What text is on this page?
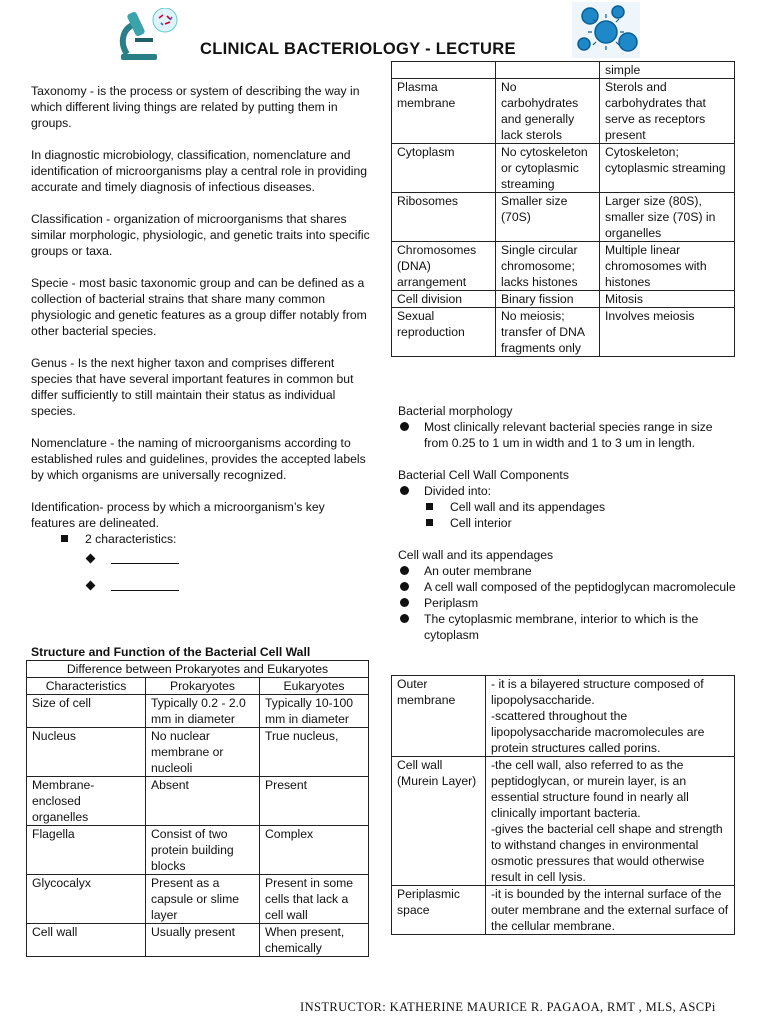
CLINICAL BACTERIOLOGY - LECTURE

Taxonomy - is the process or system of describing the way in which different living things are related by putting them in groups.

In diagnostic microbiology, classification, nomenclature and identification of microorganisms play a central role in providing accurate and timely diagnosis of infectious diseases.

Classification - organization of microorganisms that shares similar morphologic, physiologic, and genetic traits into specific groups or taxa.

Specie - most basic taxonomic group and can be defined as a collection of bacterial strains that share many common physiologic and genetic features as a group differ notably from other bacterial species.

Genus - Is the next higher taxon and comprises different species that have several important features in common but differ sufficiently to still maintain their status as individual species.

Nomenclature - the naming of microorganisms according to established rules and guidelines, provides the accepted labels by which organisms are universally recognized.

Identification- process by which a microorganism’s key features are delineated.

2 characteristics:
Structure and Function of the Bacterial Cell Wall
Difference between Prokaryotes and Eukaryotes		
Characteristics	Prokaryotes	Eukaryotes
Size of cell	Typically 0.2 - 2.0 mm in diameter	Typically 10-100 mm in diameter
Nucleus	No nuclear membrane or nucleoli	True nucleus,
Membrane-enclosed organelles	Absent	Present
Flagella	Consist of two protein building blocks	Complex
Glycocalyx	Present as a capsule or slime layer	Present in some cells that lack a cell wall
Cell wall	Usually present	When present, chemically
		simple
Plasma membrane	No carbohydrates and generally lack sterols	Sterols and carbohydrates that serve as receptors present
Cytoplasm	No cytoskeleton or cytoplasmic streaming	Cytoskeleton; cytoplasmic streaming
Ribosomes	Smaller size (70S)	Larger size (80S), smaller size (70S) in organelles
Chromosomes (DNA) arrangement	Single circular chromosome; lacks histones	Multiple linear chromosomes with histones
Cell division	Binary fission	Mitosis
Sexual reproduction	No meiosis; transfer of DNA fragments only	Involves meiosis

Bacterial morphology

Most clinically relevant bacterial species range in size from 0.25 to 1 um in width and 1 to 3 um in length.

Bacterial Cell Wall Components

Divided into:
Cell wall and its appendages
Cell interior

Cell wall and its appendages

An outer membrane
A cell wall composed of the peptidoglycan macromolecule
Periplasm
The cytoplasmic membrane, interior to which is the cytoplasm
Outer membrane	- it is a bilayered structure composed of lipopolysaccharide.
-scattered throughout the lipopolysaccharide macromolecules are protein structures called porins.

Cell wall (Murein Layer)	-the cell wall, also referred to as the peptidoglycan, or murein layer, is an essential structure found in nearly all clinically important bacteria.
-gives the bacterial cell shape and strength to withstand changes in environmental osmotic pressures that would otherwise result in cell lysis.

Periplasmic space	-it is bounded by the internal surface of the outer membrane and the external surface of the cellular membrane.
INSTRUCTOR: KATHERINE MAURICE R. PAGAOA, RMT , MLS, ASCPi
